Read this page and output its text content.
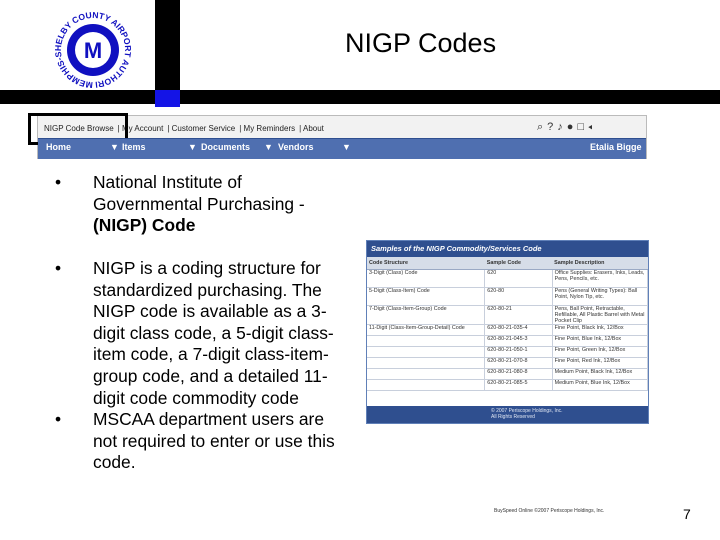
MEMPHIS-SHELBY COUNTY AIRPORT AUTHORI
M	NIGP Codes
NIGP Code Browse | My Account | Customer Service | My Reminders | About	⌕?♪●□◂
Home	▼ Items	▼ Documents ▼ Vendors	▼	Etalia Bigge
• National Institute of Governmental Purchasing - (NIGP) Code
• NIGP is a coding structure for standardized purchasing. The NIGP code is available as a 3-digit class code, a 5-digit class-item code, a 7-digit class-item-group code, and a detailed 11-digit code commodity code
• MSCAA department users are not required to enter or use this code.
Samples of the NIGP Commodity/Services Code
Code Structure	Sample Code	Sample Description
3-Digit (Class) Code	620	Office Supplies: Erasers, Inks, Leads, Pens, Pencils, etc.
5-Digit (Class-Item) Code	620-80	Pens (General Writing Types): Ball Point, Nylon Tip, etc.
7-Digit (Class-Item-Group) Code	620-80-21	Pens, Ball Point, Retractable, Refillable, All Plastic Barrel with Metal Pocket Clip
11-Digit (Class-Item-Group-Detail) Code	620-80-21-035-4	Fine Point, Black Ink, 12/Box
	620-80-21-045-3	Fine Point, Blue Ink, 12/Box
	620-80-21-050-1	Fine Point, Green Ink, 12/Box
	620-80-21-070-8	Fine Point, Red Ink, 12/Box
	620-80-21-080-8	Medium Point, Black Ink, 12/Box
	620-80-21-085-5	Medium Point, Blue Ink, 12/Box
© 2007 Periscope Holdings, Inc.
All Rights Reserved
BuySpeed Online ©2007 Periscope Holdings, Inc.	7
